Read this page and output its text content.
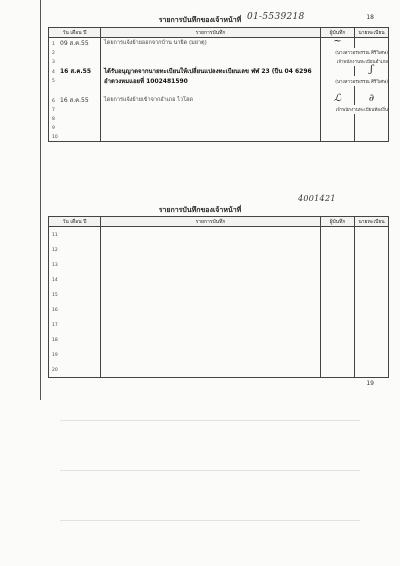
18
รายการบันทึกของเจ้าหน้าที่ 01-5539218
วัน เดือน ปี	รายการบันทึก	ผู้บันทึก	นายทะเบียน
1 09 ส.ค.55	ไดยการแจ้งย้ายออกจากบ้าน นายิด (มยาตุ)	~	
2		(นางสาวอรพรรณ ศิริวิเศษ)	
3		เจ้าพนักงานทะเบียนอำเภอ	
4 16 ส.ค.55	ได้รับอนุญาตจากนายทะเบียนให้เปลี่ยนแปลงทะเบียนเลข ฬฬ 23 (ปีน 04 6296		ʃ
5	อำดวงหมแอยที่ 1002481590	(นางสาวอรพรรณ ศิริวิเศษ)	

6 16 ส.ค.55	ไดยการแจ้งย้ายเข้าจากอำเภอ ไวโฮด	ℒ	∂
7		เจ้าพนักงานทะเบียนท้องถิ่น	
8			
9			
10			
4001421
รายการบันทึกของเจ้าหน้าที่
วัน เดือน ปี	รายการบันทึก	ผู้บันทึก	นายทะเบียน
11			
12			
13			
14			
15			
16			
17			
18			
19			
20			
19
